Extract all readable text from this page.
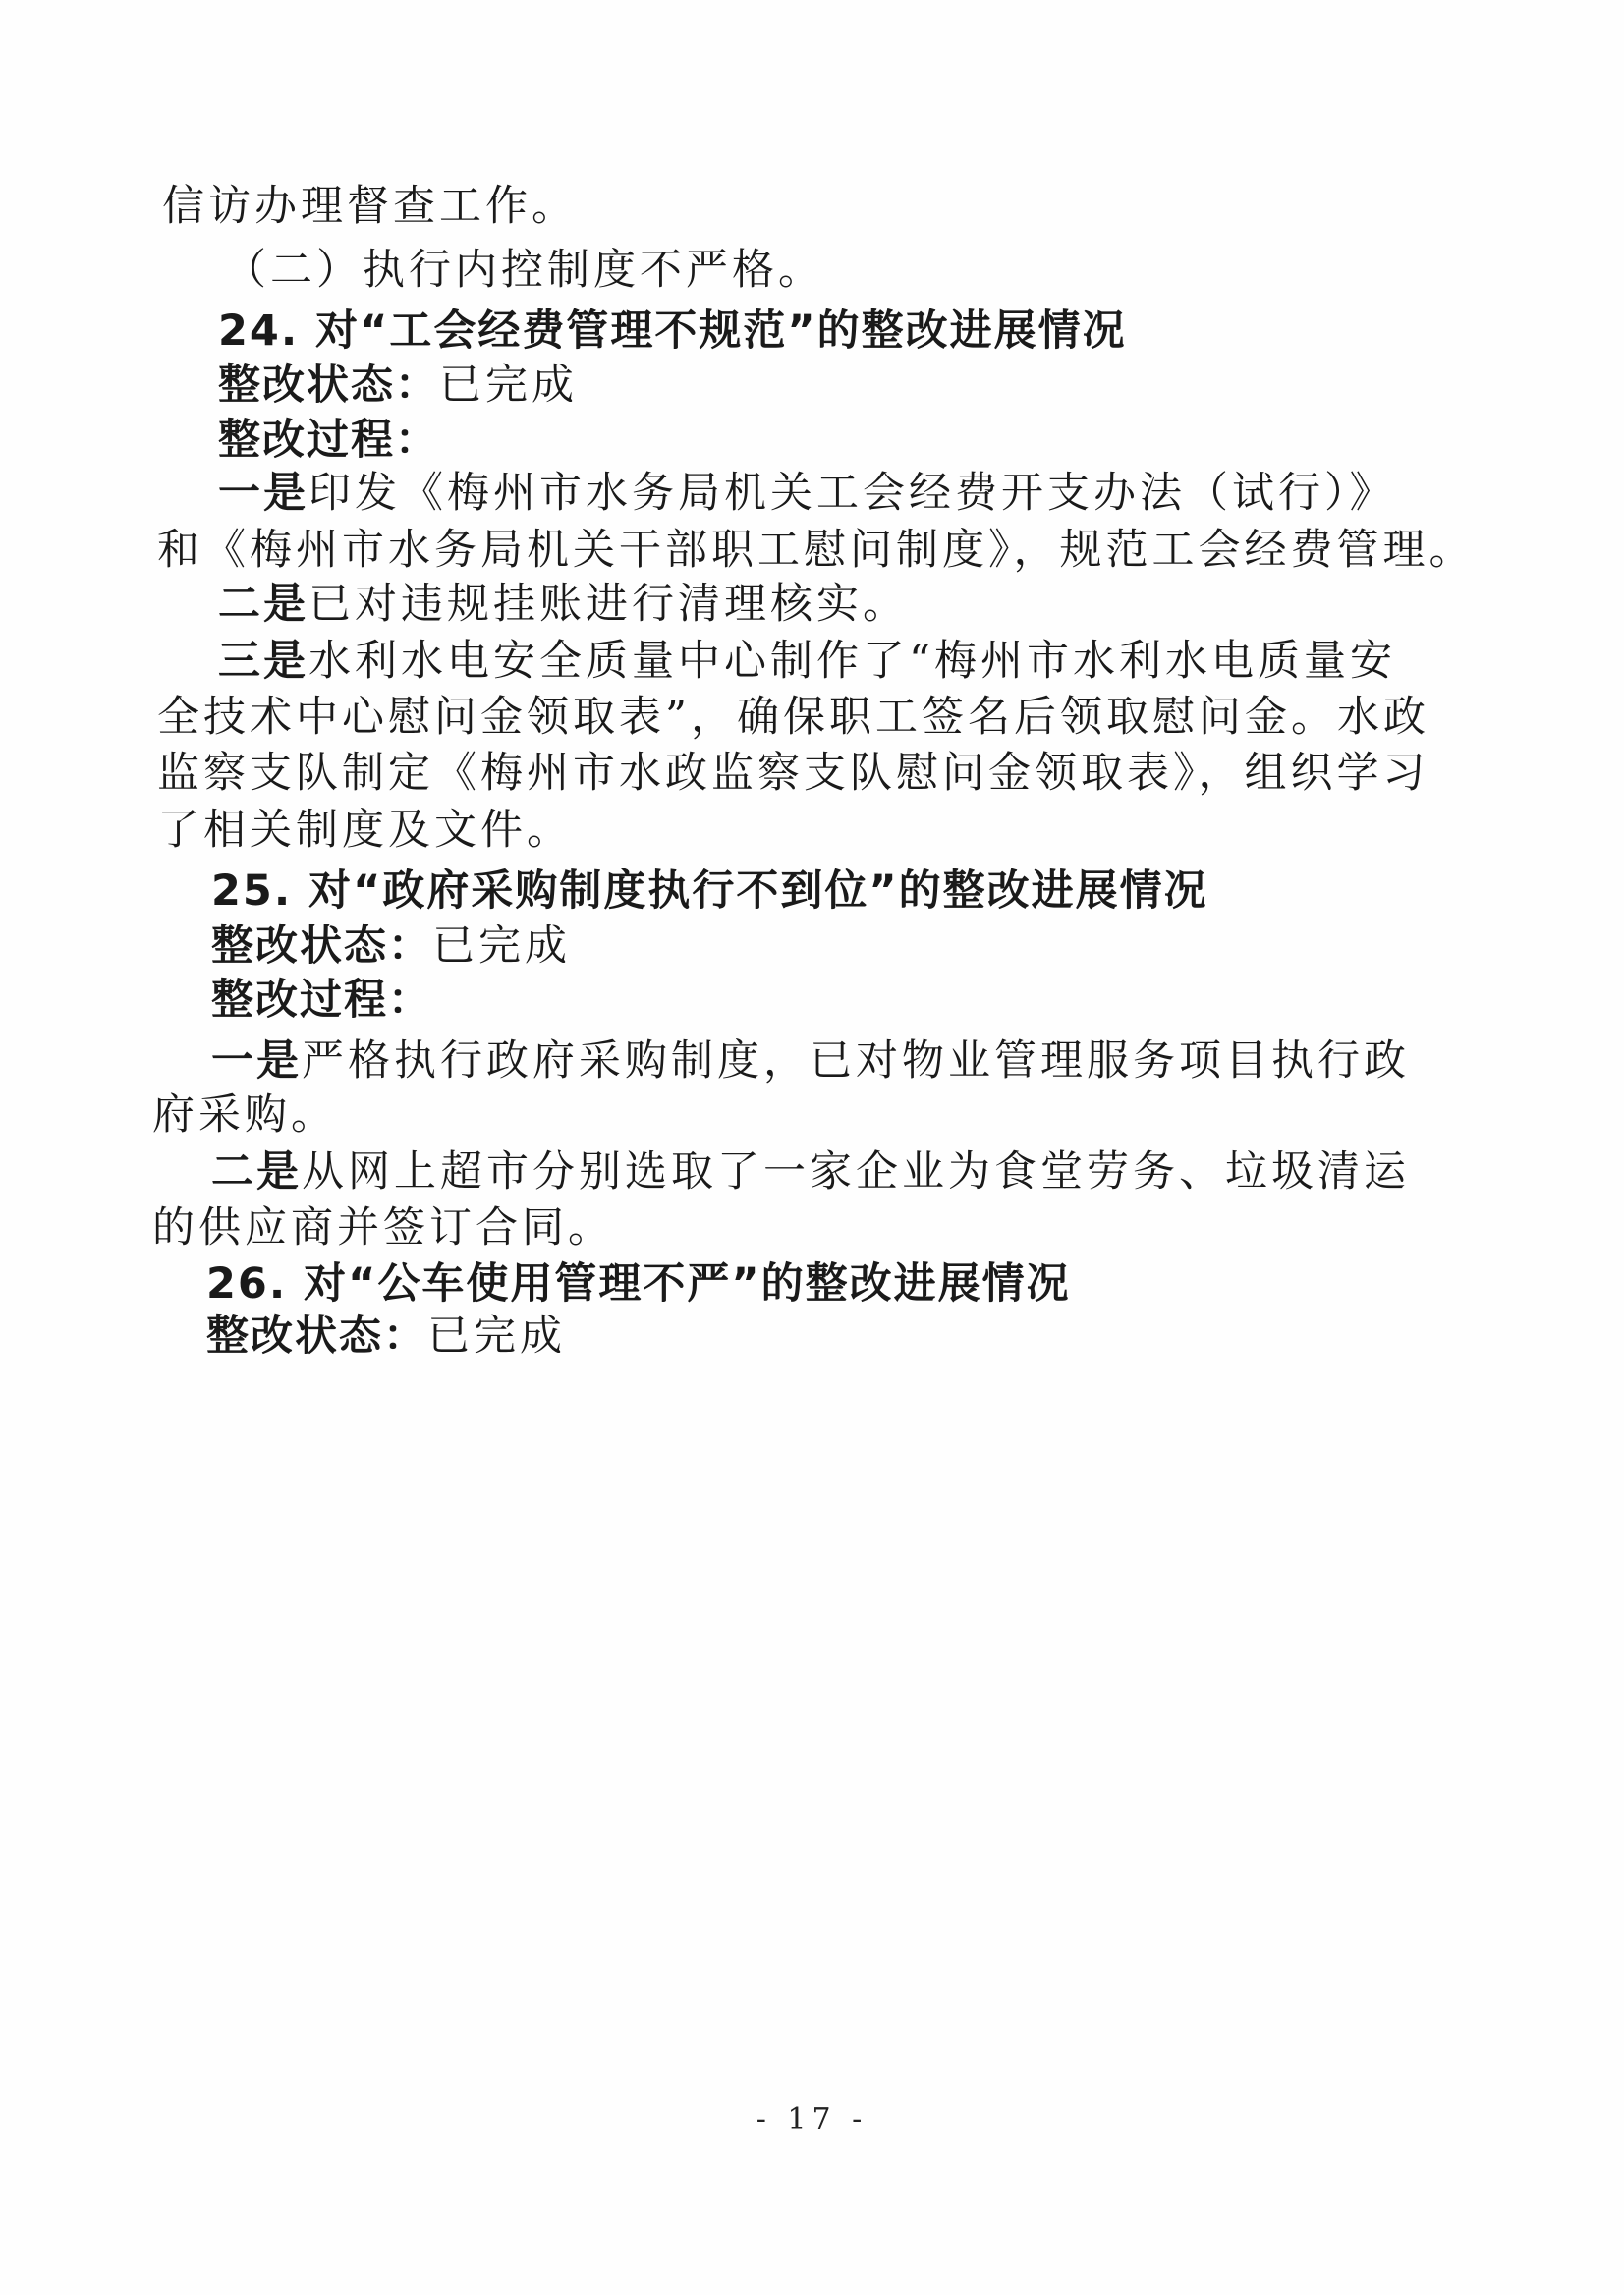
信访办理督查工作。
（二）执行内控制度不严格。
24. 对“工会经费管理不规范”的整改进展情况
整改状态：已完成
整改过程：
一是印发《梅州市水务局机关工会经费开支办法（试行）》
和《梅州市水务局机关干部职工慰问制度》，规范工会经费管理。
二是已对违规挂账进行清理核实。
三是水利水电安全质量中心制作了“梅州市水利水电质量安
全技术中心慰问金领取表”，确保职工签名后领取慰问金。水政
监察支队制定《梅州市水政监察支队慰问金领取表》，组织学习
了相关制度及文件。
25. 对“政府采购制度执行不到位”的整改进展情况
整改状态：已完成
整改过程：
一是严格执行政府采购制度，已对物业管理服务项目执行政
府采购。
二是从网上超市分别选取了一家企业为食堂劳务、垃圾清运
的供应商并签订合同。
26. 对“公车使用管理不严”的整改进展情况
整改状态：已完成
- 17 -
